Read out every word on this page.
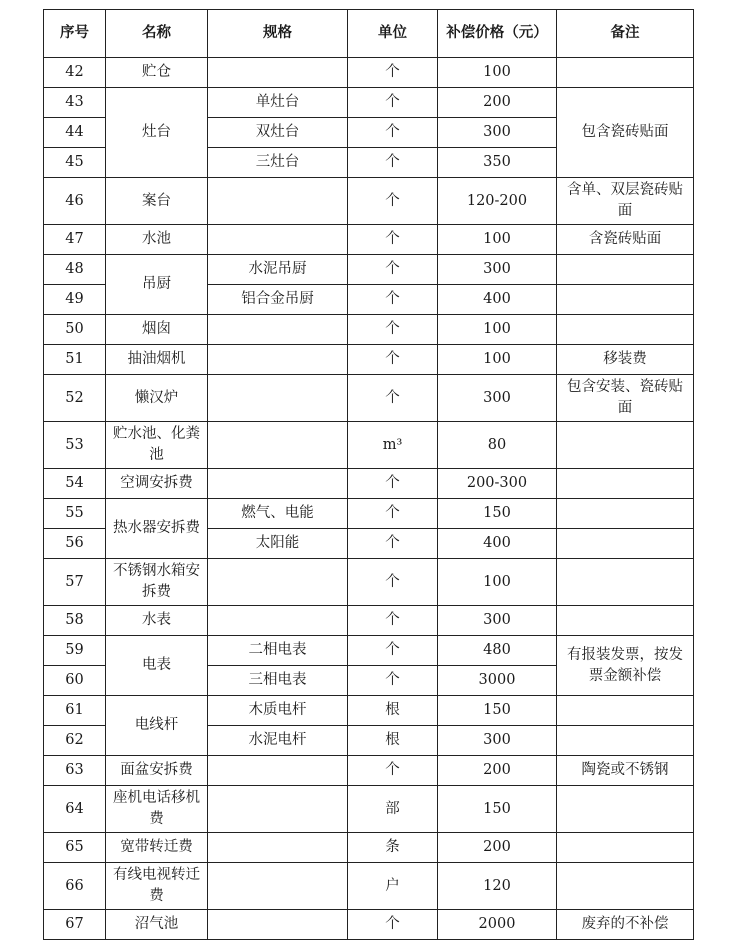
序号	名称	规格	单位	补偿价格（元）	备注
42	贮仓		个	100	
43	灶台	单灶台	个	200	包含瓷砖贴面
44		双灶台	个	300	
45		三灶台	个	350	
46	案台		个	120-200	含单、双层瓷砖贴面
47	水池		个	100	含瓷砖贴面
48	吊厨	水泥吊厨	个	300	
49		铝合金吊厨	个	400	
50	烟囱		个	100	
51	抽油烟机		个	100	移装费
52	懒汉炉		个	300	包含安装、瓷砖贴面
53	贮水池、化粪池		m³	80	
54	空调安拆费		个	200-300	
55	热水器安拆费	燃气、电能	个	150	
56		太阳能	个	400	
57	不锈钢水箱安拆费		个	100	
58	水表		个	300	
59	电表	二相电表	个	480	有报装发票，按发票金额补偿
60		三相电表	个	3000	
61	电线杆	木质电杆	根	150	
62		水泥电杆	根	300	
63	面盆安拆费		个	200	陶瓷或不锈钢
64	座机电话移机费		部	150	
65	宽带转迁费		条	200	
66	有线电视转迁费		户	120	
67	沼气池		个	2000	废弃的不补偿
